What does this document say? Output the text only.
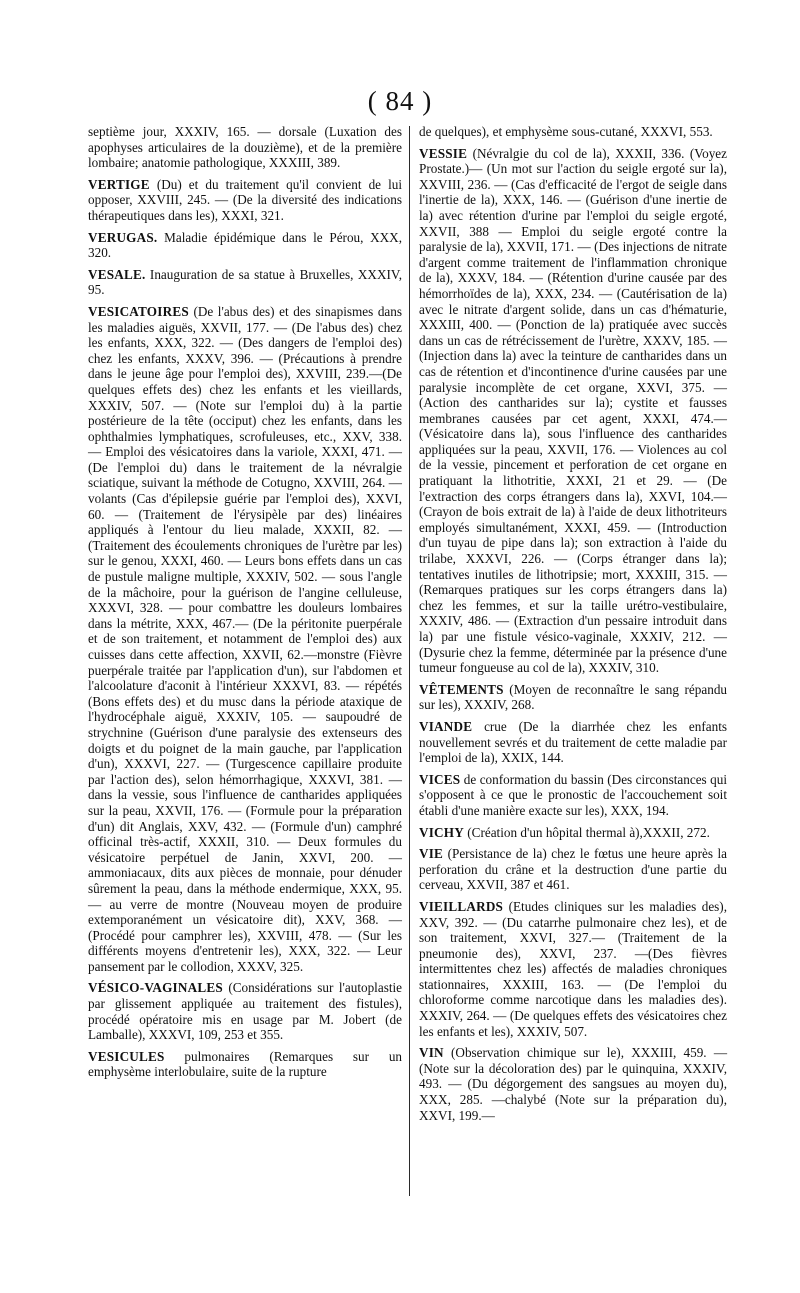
( 84 )

septième jour, XXXIV, 165. — dorsale (Luxation des apophyses articulaires de la douzième), et de la première lombaire; anatomie pathologique, XXXIII, 389.

VERTIGE (Du) et du traitement qu'il convient de lui opposer, XXVIII, 245. — (De la diversité des indications thérapeutiques dans les), XXXI, 321.

VERUGAS. Maladie épidémique dans le Pérou, XXX, 320.

VESALE. Inauguration de sa statue à Bruxelles, XXXIV, 95.

VESICATOIRES (De l'abus des) et des sinapismes dans les maladies aiguës, XXVII, 177. — (De l'abus des) chez les enfants, XXX, 322. — (Des dangers de l'emploi des) chez les enfants, XXXV, 396. — (Précautions à prendre dans le jeune âge pour l'emploi des), XXVIII, 239.—(De quelques effets des) chez les enfants et les vieillards, XXXIV, 507. — (Note sur l'emploi du) à la partie postérieure de la tête (occiput) chez les enfants, dans les ophthalmies lymphatiques, scrofuleuses, etc., XXV, 338. — Emploi des vésicatoires dans la variole, XXXI, 471. — (De l'emploi du) dans le traitement de la névralgie sciatique, suivant la méthode de Cotugno, XXVIII, 264. —volants (Cas d'épilepsie guérie par l'emploi des), XXVI, 60. — (Traitement de l'érysipèle par des) linéaires appliqués à l'entour du lieu malade, XXXII, 82. — (Traitement des écoulements chroniques de l'urètre par les) sur le genou, XXXI, 460. — Leurs bons effets dans un cas de pustule maligne multiple, XXXIV, 502. — sous l'angle de la mâchoire, pour la guérison de l'angine celluleuse, XXXVI, 328. — pour combattre les douleurs lombaires dans la métrite, XXX, 467.— (De la péritonite puerpérale et de son traitement, et notamment de l'emploi des) aux cuisses dans cette affection, XXVII, 62.—monstre (Fièvre puerpérale traitée par l'application d'un), sur l'abdomen et l'alcoolature d'aconit à l'intérieur XXXVI, 83. — répétés (Bons effets des) et du musc dans la période ataxique de l'hydrocéphale aiguë, XXXIV, 105. — saupoudré de strychnine (Guérison d'une paralysie des extenseurs des doigts et du poignet de la main gauche, par l'application d'un), XXXVI, 227. — (Turgescence capillaire produite par l'action des), selon hémorrhagique, XXXVI, 381. — dans la vessie, sous l'influence de cantharides appliquées sur la peau, XXVII, 176. — (Formule pour la préparation d'un) dit Anglais, XXV, 432. — (Formule d'un) camphré officinal très-actif, XXXII, 310. — Deux formules du vésicatoire perpétuel de Janin, XXVI, 200. — ammoniacaux, dits aux pièces de monnaie, pour dénuder sûrement la peau, dans la méthode endermique, XXX, 95. — au verre de montre (Nouveau moyen de produire extemporanément un vésicatoire dit), XXV, 368. — (Procédé pour camphrer les), XXVIII, 478. — (Sur les différents moyens d'entretenir les), XXX, 322. — Leur pansement par le collodion, XXXV, 325.

VÉSICO-VAGINALES (Considérations sur l'autoplastie par glissement appliquée au traitement des fistules), procédé opératoire mis en usage par M. Jobert (de Lamballe), XXXVI, 109, 253 et 355.

VESICULES pulmonaires (Remarques sur un emphysème interlobulaire, suite de la rupture

de quelques), et emphysème sous-cutané, XXXVI, 553.

VESSIE (Névralgie du col de la), XXXII, 336. (Voyez Prostate.)— (Un mot sur l'action du seigle ergoté sur la), XXVIII, 236. — (Cas d'efficacité de l'ergot de seigle dans l'inertie de la), XXX, 146. — (Guérison d'une inertie de la) avec rétention d'urine par l'emploi du seigle ergoté, XXVII, 388 — Emploi du seigle ergoté contre la paralysie de la), XXVII, 171. — (Des injections de nitrate d'argent comme traitement de l'inflammation chronique de la), XXXV, 184. — (Rétention d'urine causée par des hémorrhoïdes de la), XXX, 234. — (Cautérisation de la) avec le nitrate d'argent solide, dans un cas d'hématurie, XXXIII, 400. — (Ponction de la) pratiquée avec succès dans un cas de rétrécissement de l'urètre, XXXV, 185. — (Injection dans la) avec la teinture de cantharides dans un cas de rétention et d'incontinence d'urine causées par une paralysie incomplète de cet organe, XXVI, 375. — (Action des cantharides sur la); cystite et fausses membranes causées par cet agent, XXXI, 474.— (Vésicatoire dans la), sous l'influence des cantharides appliquées sur la peau, XXVII, 176. — Violences au col de la vessie, pincement et perforation de cet organe en pratiquant la lithotritie, XXXI, 21 et 29. — (De l'extraction des corps étrangers dans la), XXVI, 104.—(Crayon de bois extrait de la) à l'aide de deux lithotriteurs employés simultanément, XXXI, 459. — (Introduction d'un tuyau de pipe dans la); son extraction à l'aide du trilabe, XXXVI, 226. — (Corps étranger dans la); tentatives inutiles de lithotripsie; mort, XXXIII, 315. — (Remarques pratiques sur les corps étrangers dans la) chez les femmes, et sur la taille urétro-vestibulaire, XXXIV, 486. — (Extraction d'un pessaire introduit dans la) par une fistule vésico-vaginale, XXXIV, 212. — (Dysurie chez la femme, déterminée par la présence d'une tumeur fongueuse au col de la), XXXIV, 310.

VÊTEMENTS (Moyen de reconnaître le sang répandu sur les), XXXIV, 268.

VIANDE crue (De la diarrhée chez les enfants nouvellement sevrés et du traitement de cette maladie par l'emploi de la), XXIX, 144.

VICES de conformation du bassin (Des circonstances qui s'opposent à ce que le pronostic de l'accouchement soit établi d'une manière exacte sur les), XXX, 194.

VICHY (Création d'un hôpital thermal à),XXXII, 272.

VIE (Persistance de la) chez le fœtus une heure après la perforation du crâne et la destruction d'une partie du cerveau, XXVII, 387 et 461.

VIEILLARDS (Etudes cliniques sur les maladies des), XXV, 392. — (Du catarrhe pulmonaire chez les), et de son traitement, XXVI, 327.— (Traitement de la pneumonie des), XXVI, 237. —(Des fièvres intermittentes chez les) affectés de maladies chroniques stationnaires, XXXIII, 163. — (De l'emploi du chloroforme comme narcotique dans les maladies des). XXXIV, 264. — (De quelques effets des vésicatoires chez les enfants et les), XXXIV, 507.

VIN (Observation chimique sur le), XXXIII, 459. — (Note sur la décoloration des) par le quinquina, XXXIV, 493. — (Du dégorgement des sangsues au moyen du), XXX, 285. —chalybé (Note sur la préparation du), XXVI, 199.—
